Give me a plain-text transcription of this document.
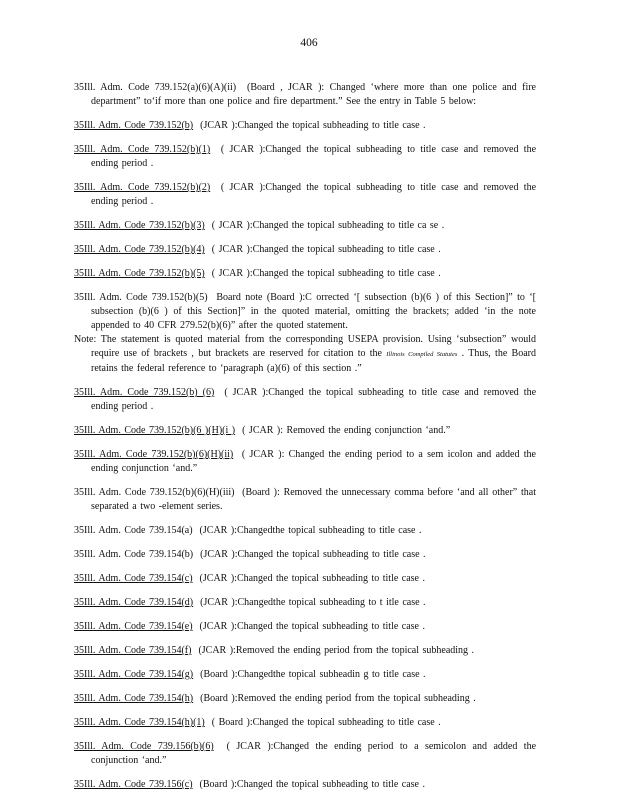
406

35Ill. Adm. Code 739.152(a)(6)(A)(ii) (Board , JCAR ): Changed ‘where more than one police and fire department” to‘if more than one police and fire department.” See the entry in Table 5 below:

35Ill. Adm. Code 739.152(b) (JCAR ):Changed the topical subheading to title case .

35Ill. Adm. Code 739.152(b)(1) ( JCAR ):Changed the topical subheading to title case and removed the ending period .

35Ill. Adm. Code 739.152(b)(2) ( JCAR ):Changed the topical subheading to title case and removed the ending period .

35Ill. Adm. Code 739.152(b)(3) ( JCAR ):Changed the topical subheading to title ca se .

35Ill. Adm. Code 739.152(b)(4) ( JCAR ):Changed the topical subheading to title case .

35Ill. Adm. Code 739.152(b)(5) ( JCAR ):Changed the topical subheading to title case .

35Ill. Adm. Code 739.152(b)(5) Board note (Board ):C orrected ‘[ subsection (b)(6 ) of this Section]” to ‘[ subsection (b)(6 ) of this Section]” in the quoted material, omitting the brackets; added ‘in the note appended to 40 CFR 279.52(b)(6)” after the quoted statement.
Note: The statement is quoted material from the corresponding USEPA provision. Using ‘subsection” would require use of brackets , but brackets are reserved for citation to the Illinois Compiled Statutes . Thus, the Board retains the federal reference to ‘paragraph (a)(6) of this section .”

35Ill. Adm. Code 739.152(b) (6) ( JCAR ):Changed the topical subheading to title case and removed the ending period .

35Ill. Adm. Code 739.152(b)(6 )(H)(i ) ( JCAR ): Removed the ending conjunction ‘and.”

35Ill. Adm. Code 739.152(b)(6)(H)(ii) ( JCAR ): Changed the ending period to a sem icolon and added the ending conjunction ‘and.”

35Ill. Adm. Code 739.152(b)(6)(H)(iii) (Board ): Removed the unnecessary comma before ‘and all other” that separated a two -element series.

35Ill. Adm. Code 739.154(a) (JCAR ):Changedthe topical subheading to title case .

35Ill. Adm. Code 739.154(b) (JCAR ):Changed the topical subheading to title case .

35Ill. Adm. Code 739.154(c) (JCAR ):Changed the topical subheading to title case .

35Ill. Adm. Code 739.154(d) (JCAR ):Changedthe topical subheading to t itle case .

35Ill. Adm. Code 739.154(e) (JCAR ):Changed the topical subheading to title case .

35Ill. Adm. Code 739.154(f) (JCAR ):Removed the ending period from the topical subheading .

35Ill. Adm. Code 739.154(g) (Board ):Changedthe topical subheadin g to title case .

35Ill. Adm. Code 739.154(h) (Board ):Removed the ending period from the topical subheading .

35Ill. Adm. Code 739.154(h)(1) ( Board ):Changed the topical subheading to title case .

35Ill. Adm. Code 739.156(b)(6) ( JCAR ):Changed the ending period to a semicolon and added the conjunction ‘and.”

35Ill. Adm. Code 739.156(c) (Board ):Changed the topical subheading to title case .
